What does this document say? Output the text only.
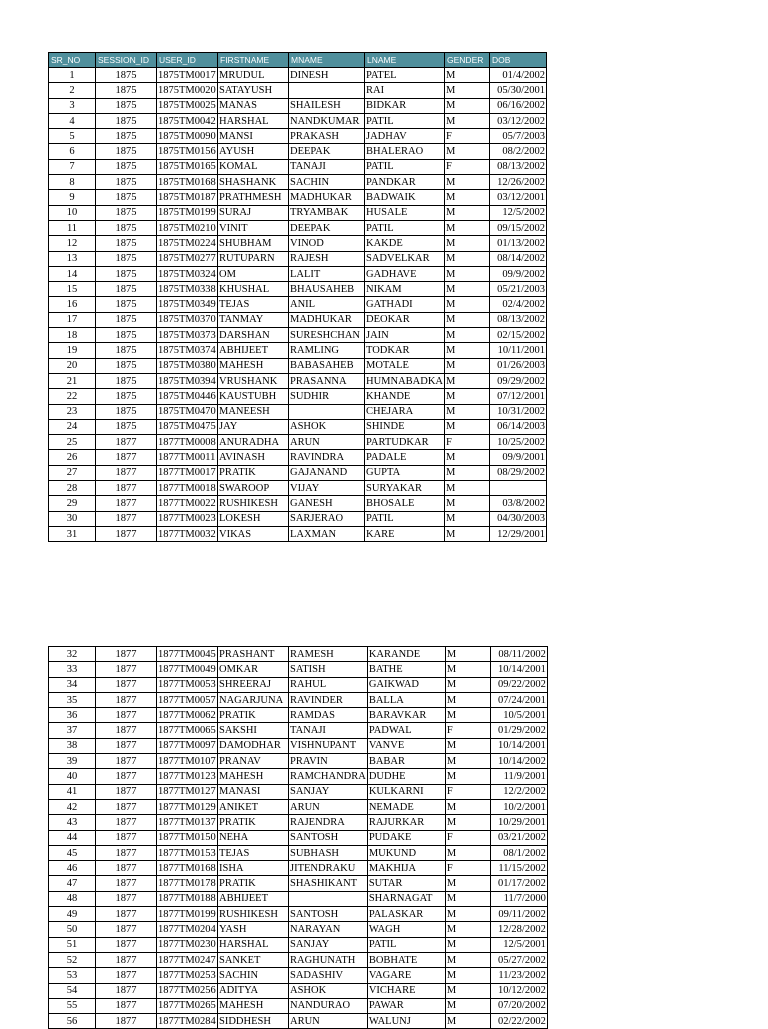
SR_NO	SESSION_ID	USER_ID	FIRSTNAME	MNAME	LNAME	GENDER	DOB
1	1875	1875TM0017	MRUDUL	DINESH	PATEL	M	01/4/2002
2	1875	1875TM0020	SATAYUSH		RAI	M	05/30/2001
3	1875	1875TM0025	MANAS	SHAILESH	BIDKAR	M	06/16/2002
4	1875	1875TM0042	HARSHAL	NANDKUMAR	PATIL	M	03/12/2002
5	1875	1875TM0090	MANSI	PRAKASH	JADHAV	F	05/7/2003
6	1875	1875TM0156	AYUSH	DEEPAK	BHALERAO	M	08/2/2002
7	1875	1875TM0165	KOMAL	TANAJI	PATIL	F	08/13/2002
8	1875	1875TM0168	SHASHANK	SACHIN	PANDKAR	M	12/26/2002
9	1875	1875TM0187	PRATHMESH	MADHUKAR	BADWAIK	M	03/12/2001
10	1875	1875TM0199	SURAJ	TRYAMBAK	HUSALE	M	12/5/2002
11	1875	1875TM0210	VINIT	DEEPAK	PATIL	M	09/15/2002
12	1875	1875TM0224	SHUBHAM	VINOD	KAKDE	M	01/13/2002
13	1875	1875TM0277	RUTUPARN	RAJESH	SADVELKAR	M	08/14/2002
14	1875	1875TM0324	OM	LALIT	GADHAVE	M	09/9/2002
15	1875	1875TM0338	KHUSHAL	BHAUSAHEB	NIKAM	M	05/21/2003
16	1875	1875TM0349	TEJAS	ANIL	GATHADI	M	02/4/2002
17	1875	1875TM0370	TANMAY	MADHUKAR	DEOKAR	M	08/13/2002
18	1875	1875TM0373	DARSHAN	SURESHCHAN	JAIN	M	02/15/2002
19	1875	1875TM0374	ABHIJEET	RAMLING	TODKAR	M	10/11/2001
20	1875	1875TM0380	MAHESH	BABASAHEB	MOTALE	M	01/26/2003
21	1875	1875TM0394	VRUSHANK	PRASANNA	HUMNABADKA	M	09/29/2002
22	1875	1875TM0446	KAUSTUBH	SUDHIR	KHANDE	M	07/12/2001
23	1875	1875TM0470	MANEESH		CHEJARA	M	10/31/2002
24	1875	1875TM0475	JAY	ASHOK	SHINDE	M	06/14/2003
25	1877	1877TM0008	ANURADHA	ARUN	PARTUDKAR	F	10/25/2002
26	1877	1877TM0011	AVINASH	RAVINDRA	PADALE	M	09/9/2001
27	1877	1877TM0017	PRATIK	GAJANAND	GUPTA	M	08/29/2002
28	1877	1877TM0018	SWAROOP	VIJAY	SURYAKAR	M	
29	1877	1877TM0022	RUSHIKESH	GANESH	BHOSALE	M	03/8/2002
30	1877	1877TM0023	LOKESH	SARJERAO	PATIL	M	04/30/2003
31	1877	1877TM0032	VIKAS	LAXMAN	KARE	M	12/29/2001
32	1877	1877TM0045	PRASHANT	RAMESH	KARANDE	M	08/11/2002
33	1877	1877TM0049	OMKAR	SATISH	BATHE	M	10/14/2001
34	1877	1877TM0053	SHREERAJ	RAHUL	GAIKWAD	M	09/22/2002
35	1877	1877TM0057	NAGARJUNA	RAVINDER	BALLA	M	07/24/2001
36	1877	1877TM0062	PRATIK	RAMDAS	BARAVKAR	M	10/5/2001
37	1877	1877TM0065	SAKSHI	TANAJI	PADWAL	F	01/29/2002
38	1877	1877TM0097	DAMODHAR	VISHNUPANT	VANVE	M	10/14/2001
39	1877	1877TM0107	PRANAV	PRAVIN	BABAR	M	10/14/2002
40	1877	1877TM0123	MAHESH	RAMCHANDRA	DUDHE	M	11/9/2001
41	1877	1877TM0127	MANASI	SANJAY	KULKARNI	F	12/2/2002
42	1877	1877TM0129	ANIKET	ARUN	NEMADE	M	10/2/2001
43	1877	1877TM0137	PRATIK	RAJENDRA	RAJURKAR	M	10/29/2001
44	1877	1877TM0150	NEHA	SANTOSH	PUDAKE	F	03/21/2002
45	1877	1877TM0153	TEJAS	SUBHASH	MUKUND	M	08/1/2002
46	1877	1877TM0168	ISHA	JITENDRAKU	MAKHIJA	F	11/15/2002
47	1877	1877TM0178	PRATIK	SHASHIKANT	SUTAR	M	01/17/2002
48	1877	1877TM0188	ABHIJEET		SHARNAGAT	M	11/7/2000
49	1877	1877TM0199	RUSHIKESH	SANTOSH	PALASKAR	M	09/11/2002
50	1877	1877TM0204	YASH	NARAYAN	WAGH	M	12/28/2002
51	1877	1877TM0230	HARSHAL	SANJAY	PATIL	M	12/5/2001
52	1877	1877TM0247	SANKET	RAGHUNATH	BOBHATE	M	05/27/2002
53	1877	1877TM0253	SACHIN	SADASHIV	VAGARE	M	11/23/2002
54	1877	1877TM0256	ADITYA	ASHOK	VICHARE	M	10/12/2002
55	1877	1877TM0265	MAHESH	NANDURAO	PAWAR	M	07/20/2002
56	1877	1877TM0284	SIDDHESH	ARUN	WALUNJ	M	02/22/2002
